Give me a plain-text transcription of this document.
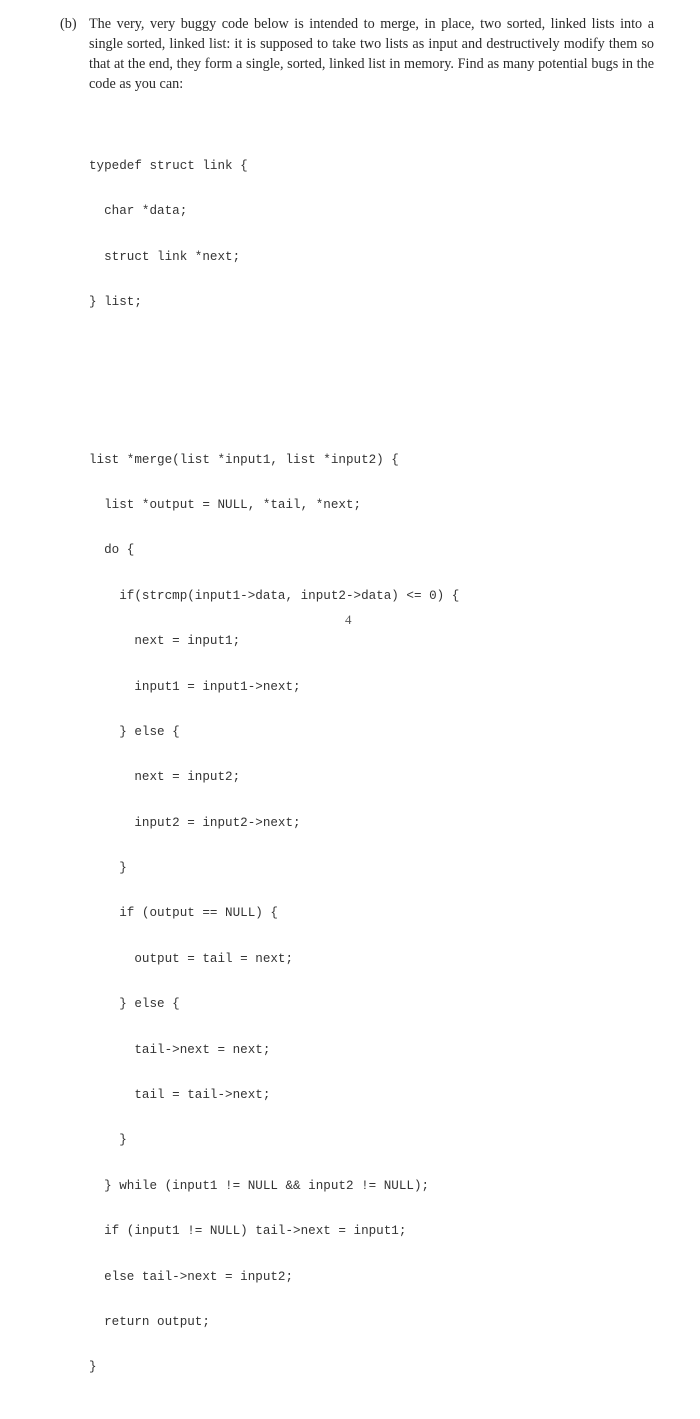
(b) The very, very buggy code below is intended to merge, in place, two sorted, linked lists into a single sorted, linked list: it is supposed to take two lists as input and destructively modify them so that at the end, they form a single, sorted, linked list in memory. Find as many potential bugs in the code as you can:

typedef struct link {

char *data;

struct link *next;

} list;

list *merge(list *input1, list *input2) {

list *output = NULL, *tail, *next;

do {

if(strcmp(input1->data, input2->data) <= 0) {

next = input1;

input1 = input1->next;

} else {

next = input2;

input2 = input2->next;

}

if (output == NULL) {

output = tail = next;

} else {

tail->next = next;

tail = tail->next;

}

} while (input1 != NULL && input2 != NULL);

if (input1 != NULL) tail->next = input1;

else tail->next = input2;

return output;

}

4
